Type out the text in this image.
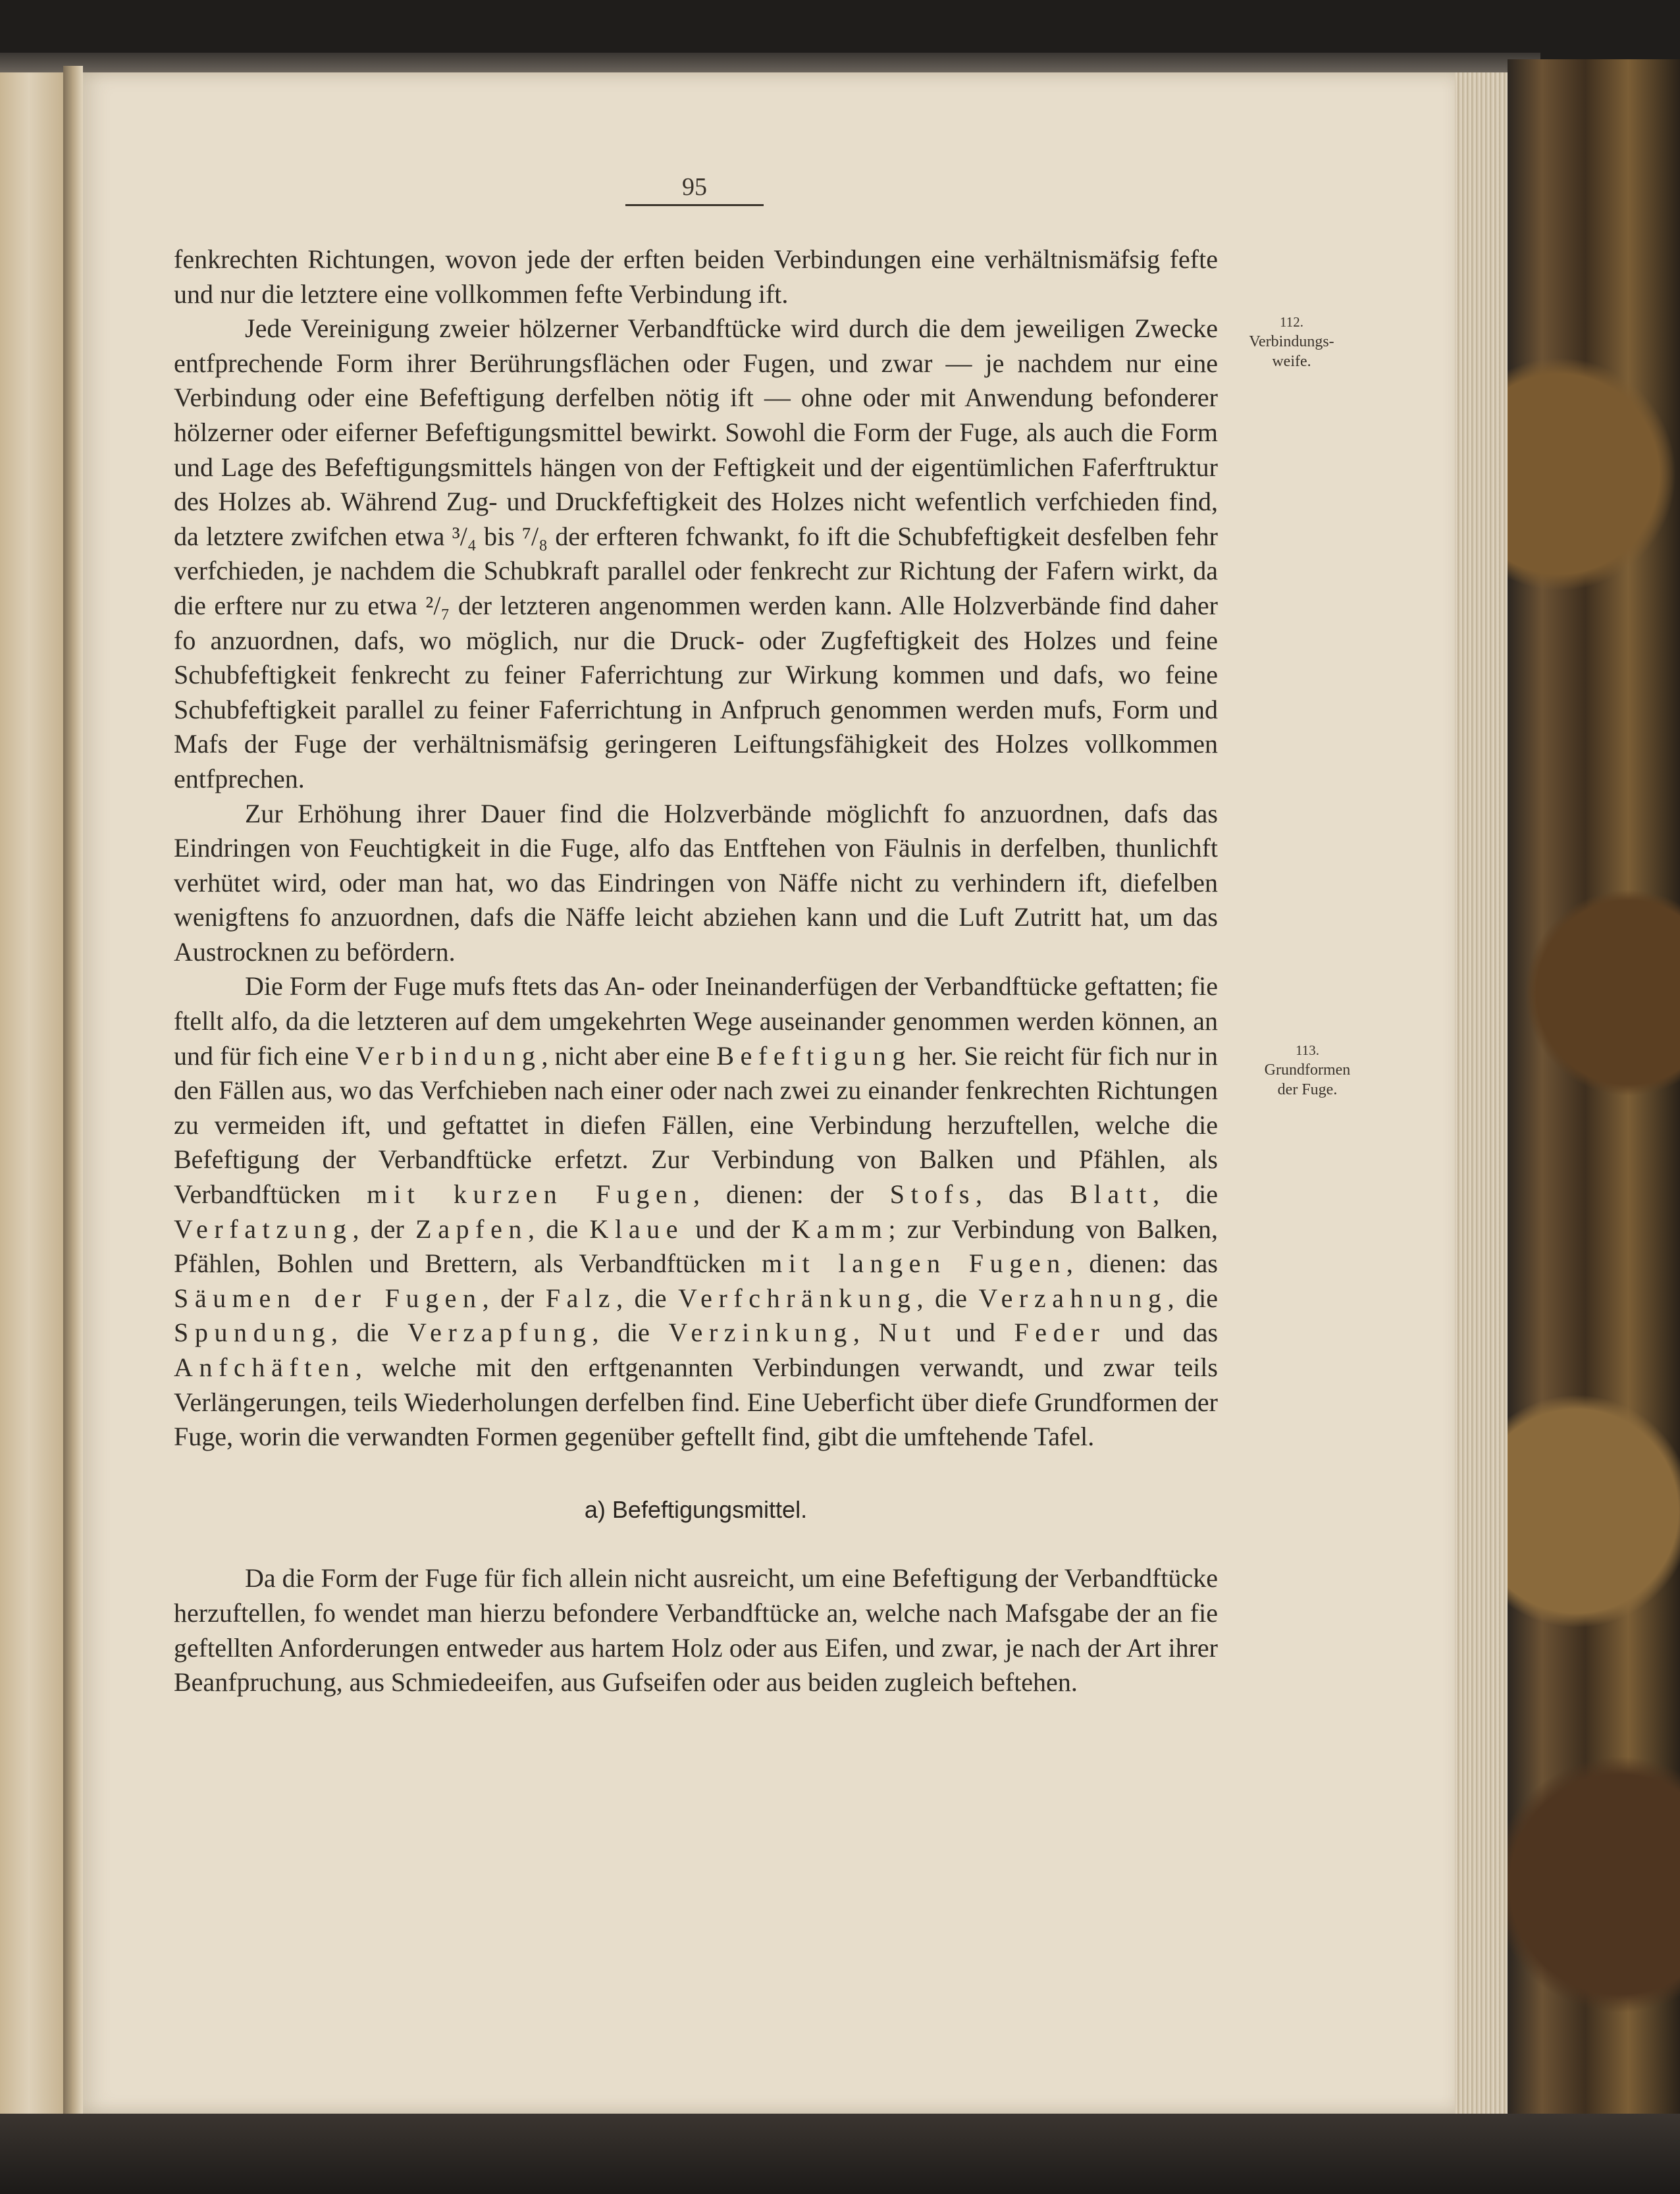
95
112.
Verbindungs-
weife.
113.
Grundformen
der Fuge.

fenkrechten Richtungen, wovon jede der erften beiden Verbindungen eine verhältnismäfsig fefte und nur die letztere eine vollkommen fefte Verbindung ift.

Jede Vereinigung zweier hölzerner Verbandftücke wird durch die dem jeweiligen Zwecke entfprechende Form ihrer Berührungsflächen oder Fugen, und zwar — je nachdem nur eine Verbindung oder eine Befeftigung derfelben nötig ift — ohne oder mit Anwendung befonderer hölzerner oder eiferner Befeftigungsmittel bewirkt. Sowohl die Form der Fuge, als auch die Form und Lage des Befeftigungsmittels hängen von der Feftigkeit und der eigentümlichen Faferftruktur des Holzes ab. Während Zug- und Druckfeftigkeit des Holzes nicht wefentlich verfchieden find, da letztere zwifchen etwa ³/₄ bis ⁷/₈ der erfteren fchwankt, fo ift die Schubfeftigkeit desfelben fehr verfchieden, je nachdem die Schubkraft parallel oder fenkrecht zur Richtung der Fafern wirkt, da die erftere nur zu etwa ²/₇ der letzteren angenommen werden kann. Alle Holzverbände find daher fo anzuordnen, dafs, wo möglich, nur die Druck- oder Zugfeftigkeit des Holzes und feine Schubfeftigkeit fenkrecht zu feiner Faferrichtung zur Wirkung kommen und dafs, wo feine Schubfeftigkeit parallel zu feiner Faferrichtung in Anfpruch genommen werden mufs, Form und Mafs der Fuge der verhältnismäfsig geringeren Leiftungsfähigkeit des Holzes vollkommen entfprechen.

Zur Erhöhung ihrer Dauer find die Holzverbände möglichft fo anzuordnen, dafs das Eindringen von Feuchtigkeit in die Fuge, alfo das Entftehen von Fäulnis in derfelben, thunlichft verhütet wird, oder man hat, wo das Eindringen von Näffe nicht zu verhindern ift, diefelben wenigftens fo anzuordnen, dafs die Näffe leicht abziehen kann und die Luft Zutritt hat, um das Austrocknen zu befördern.

Die Form der Fuge mufs ftets das An- oder Ineinanderfügen der Verbandftücke geftatten; fie ftellt alfo, da die letzteren auf dem umgekehrten Wege auseinander genommen werden können, an und für fich eine Verbindung, nicht aber eine Befeftigung her. Sie reicht für fich nur in den Fällen aus, wo das Verfchieben nach einer oder nach zwei zu einander fenkrechten Richtungen zu vermeiden ift, und geftattet in diefen Fällen, eine Verbindung herzuftellen, welche die Befeftigung der Verbandftücke erfetzt. Zur Verbindung von Balken und Pfählen, als Verbandftücken mit kurzen Fugen, dienen: der Stofs, das Blatt, die Verfatzung, der Zapfen, die Klaue und der Kamm; zur Verbindung von Balken, Pfählen, Bohlen und Brettern, als Verbandftücken mit langen Fugen, dienen: das Säumen der Fugen, der Falz, die Verfchränkung, die Verzahnung, die Spundung, die Verzapfung, die Verzinkung, Nut und Feder und das Anfchäften, welche mit den erftgenannten Verbindungen verwandt, und zwar teils Verlängerungen, teils Wiederholungen derfelben find. Eine Ueberficht über diefe Grundformen der Fuge, worin die verwandten Formen gegenüber geftellt find, gibt die umftehende Tafel.

a) Befeftigungsmittel.

Da die Form der Fuge für fich allein nicht ausreicht, um eine Befeftigung der Verbandftücke herzuftellen, fo wendet man hierzu befondere Verbandftücke an, welche nach Mafsgabe der an fie geftellten Anforderungen entweder aus hartem Holz oder aus Eifen, und zwar, je nach der Art ihrer Beanfpruchung, aus Schmiedeeifen, aus Gufseifen oder aus beiden zugleich beftehen.
